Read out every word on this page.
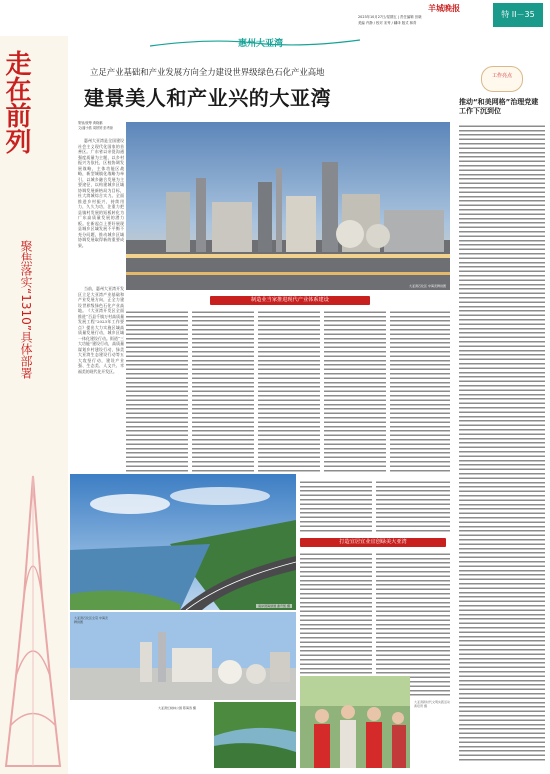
羊城晚报
2023年10月27日/星期五 | 责任编辑 田晓
美编 许静 / 校对 宋秀 / 翻译 版式 林青
特 II－35
走在前列
聚焦落实“1310”具体部署
惠州大亚湾
立足产业基础和产业发展方向全力建设世界级绿色石化产业高地
建景美人和产业兴的大亚湾
工作亮点
推动“和美网格”治理党建工作下沉到位
策划/统筹 黄晓鹏
文/潘小燕 周婷婷 彭秀琼
惠州大亚湾是全国建设社会主义现代化国家的首善区。广东省以亲促沟通强度质量为主题，以乡村振兴为依托，区校协调发展战略，主体功能区战略，新型城镇化战略为牵引，以城乡融合发展为主要途径，以构建城乡区域协调发展新格局为目标，杜大湾城综合实力。全面推进乡村振兴，持续用力，久久为功，注重力把县镇村发展的短板转化为广东高质量发展的潜力板。在新起点上要好展现县城乡区域发展不平衡不充分问题，推动城乡区域协调发展取得新的重要成果。
当前，惠州大亚湾开发区立足大亚湾产业基础和产业发展方向，正全力建设世界级绿色石化产业高地。《大亚湾开发区全面推进“百县千镇万村高质量发展工程”2023年工作要点》提出大力实施区域高质量发展行动，城乡区域一体化建设行动。街道“三大功能”建设行动，高质量谋划乡村建设行动，绿美大亚湾生态建设行动等五大攻坚行动，建设产业强、生态美、人文兴、幸福美的现代化开发区。
大亚湾石化区 中海壳牌供图
制造业当家推进现代产业体系建设
南岸滨海绿道 谢升凯 摄
打造宜居宜业宜创绿美大亚湾
大亚湾石化区全景 中海壳牌供图
大亚湾红树林公园 陈海涛 摄
大亚湾新时代文明实践活动 黄培贤 摄
